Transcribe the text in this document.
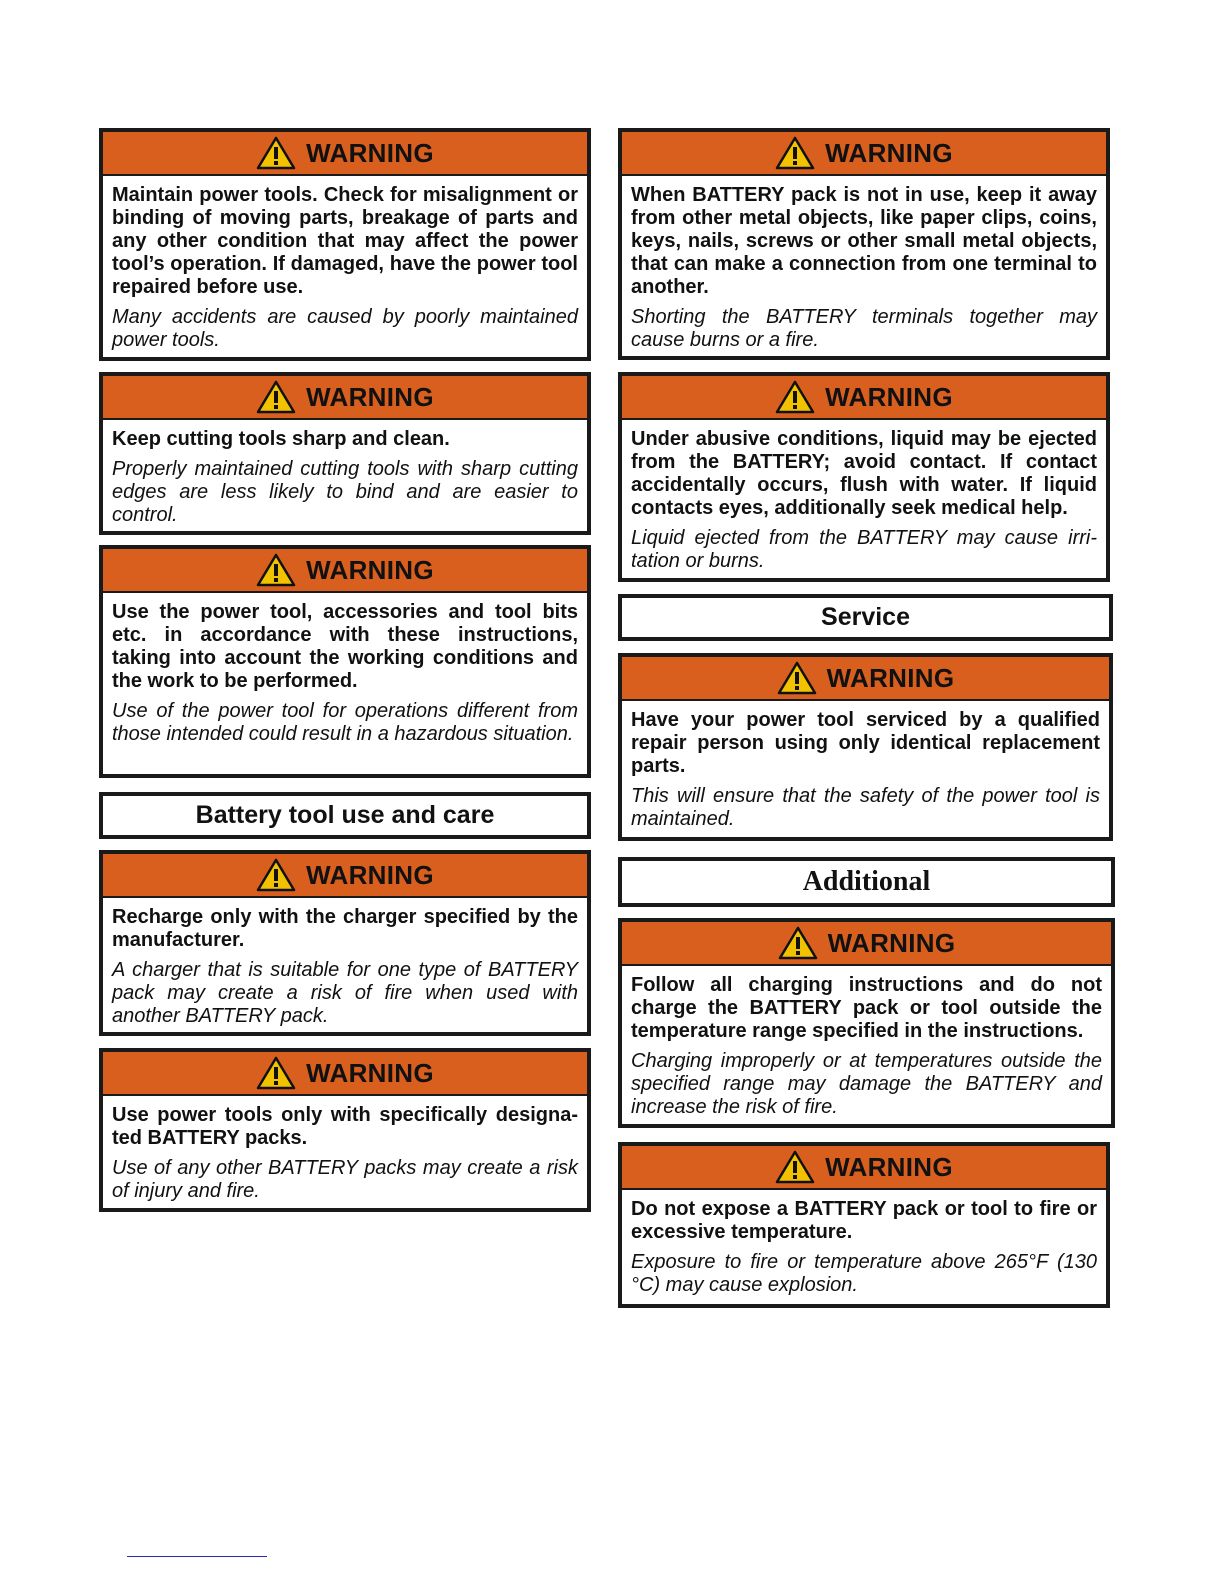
WARNING

Maintain power tools. Check for misalignment or binding of moving parts, breakage of parts and any other condition that may affect the power tool’s operation. If damaged, have the power tool repaired before use.

Many accidents are caused by poorly maintained power tools.

WARNING

Keep cutting tools sharp and clean.

Properly maintained cutting tools with sharp cutting edges are less likely to bind and are easier to control.

WARNING

Use the power tool, accessories and tool bits etc. in accordance with these instructions, taking into account the working conditions and the work to be performed.

Use of the power tool for operations different from those intended could result in a hazardous situation.

Battery tool use and care
WARNING

Recharge only with the charger specified by the manufacturer.

A charger that is suitable for one type of BATTERY pack may create a risk of fire when used with another BATTERY pack.

WARNING

Use power tools only with specifically designa-ted BATTERY packs.

Use of any other BATTERY packs may create a risk of injury and fire.

WARNING

When BATTERY pack is not in use, keep it away from other metal objects, like paper clips, coins, keys, nails, screws or other small metal objects, that can make a connection from one terminal to another.

Shorting the BATTERY terminals together may cause burns or a fire.

WARNING

Under abusive conditions, liquid may be ejected from the BATTERY; avoid contact. If contact accidentally occurs, flush with water. If liquid contacts eyes, additionally seek medical help.

Liquid ejected from the BATTERY may cause irri-tation or burns.

Service
WARNING

Have your power tool serviced by a qualified repair person using only identical replacement parts.

This will ensure that the safety of the power tool is maintained.

Additional
WARNING

Follow all charging instructions and do not charge the BATTERY pack or tool outside the temperature range specified in the instructions.

Charging improperly or at temperatures outside the specified range may damage the BATTERY and increase the risk of fire.

WARNING

Do not expose a BATTERY pack or tool to fire or excessive temperature.

Exposure to fire or temperature above 265°F (130 °C) may cause explosion.
